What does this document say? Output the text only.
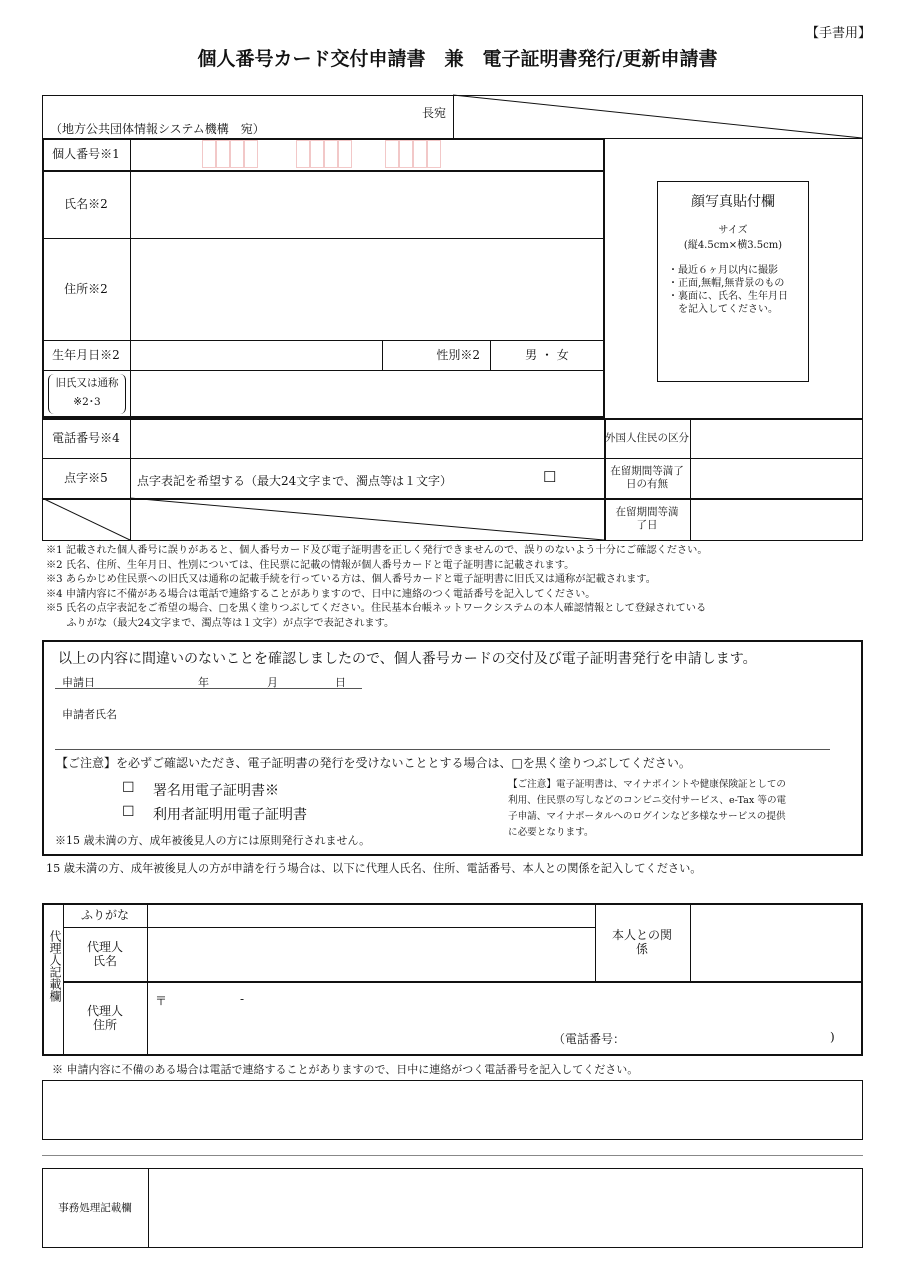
【手書用】
個人番号カード交付申請書　兼　電子証明書発行/更新申請書
長宛
（地方公共団体情報システム機構　宛）
個人番号※1
氏名※2
住所※2
生年月日※2	性別※2	男 ・ 女
旧氏又は通称
※2･3
電話番号※4
点字※5	点字表記を希望する（最大24文字まで、濁点等は１文字）	☐
顔写真貼付欄
サイズ
(縦4.5cm×横3.5cm)
・最近６ヶ月以内に撮影
・正面,無帽,無背景のもの
・裏面に、氏名、生年月日
　を記入してください。
外国人住民の区分
在留期間等満了日の有無
在留期間等満了日
※1 記載された個人番号に誤りがあると、個人番号カード及び電子証明書を正しく発行できませんので、誤りのないよう十分にご確認ください。
※2 氏名、住所、生年月日、性別については、住民票に記載の情報が個人番号カードと電子証明書に記載されます。
※3 あらかじめ住民票への旧氏又は通称の記載手続を行っている方は、個人番号カードと電子証明書に旧氏又は通称が記載されます。
※4 申請内容に不備がある場合は電話で連絡することがありますので、日中に連絡のつく電話番号を記入してください。
※5 氏名の点字表記をご希望の場合、□を黒く塗りつぶしてください。住民基本台帳ネットワークシステムの本人確認情報として登録されている
　　ふりがな（最大24文字まで、濁点等は１文字）が点字で表記されます。
以上の内容に間違いのないことを確認しましたので、個人番号カードの交付及び電子証明書発行を申請します。
申請日	年	月	日
申請者氏名
【ご注意】を必ずご確認いただき、電子証明書の発行を受けないこととする場合は、□を黒く塗りつぶしてください。
☐ 署名用電子証明書※
☐ 利用者証明用電子証明書
※15 歳未満の方、成年被後見人の方には原則発行されません。
【ご注意】電子証明書は、マイナポイントや健康保険証としての
利用、住民票の写しなどのコンビニ交付サービス、e-Tax 等の電
子申請、マイナポータルへのログインなど多様なサービスの提供
に必要となります。
15 歳未満の方、成年被後見人の方が申請を行う場合は、以下に代理人氏名、住所、電話番号、本人との関係を記入してください。
代理人記載欄
ふりがな
代理人氏名
本人との関係
代理人住所
〒	-
（電話番号：	)
※ 申請内容に不備のある場合は電話で連絡することがありますので、日中に連絡がつく電話番号を記入してください。
事務処理記載欄
